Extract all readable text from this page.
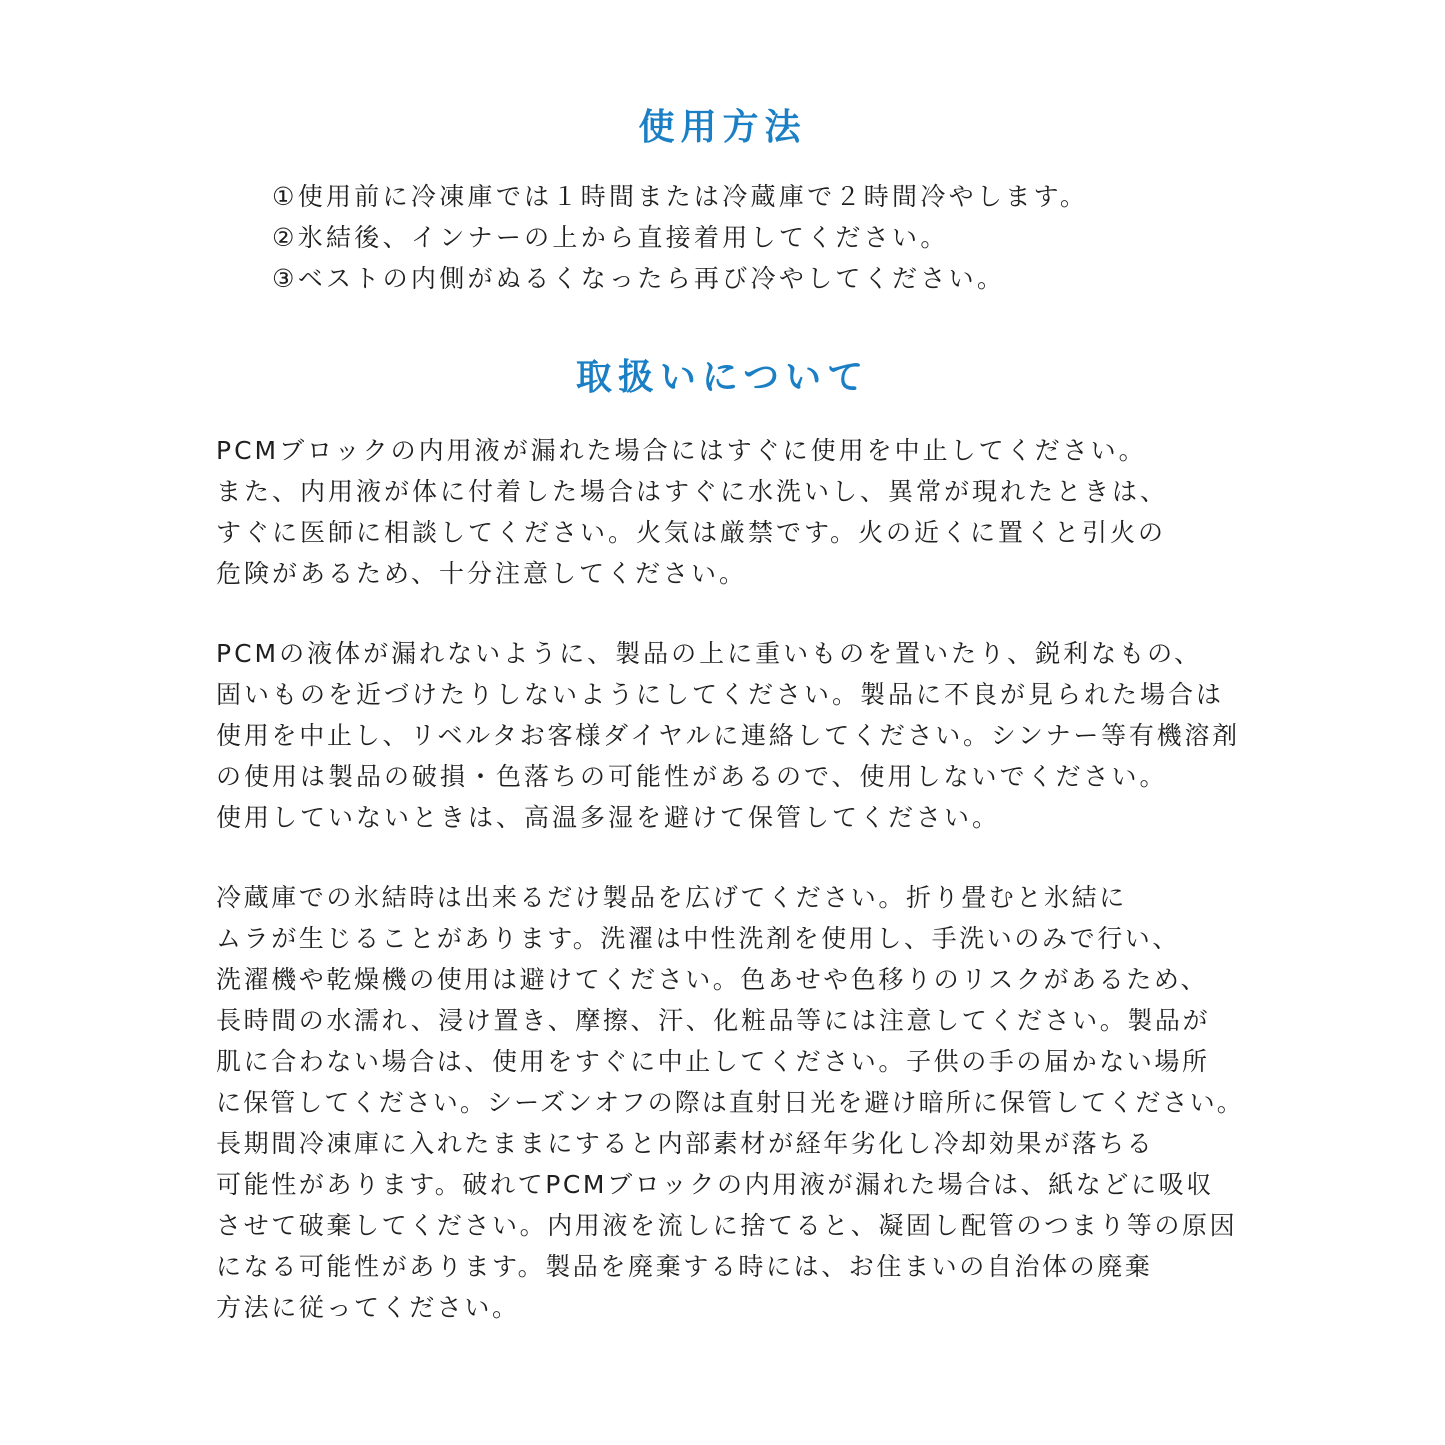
使用方法
①使用前に冷凍庫では１時間または冷蔵庫で２時間冷やします。
②氷結後、インナーの上から直接着用してください。
③ベストの内側がぬるくなったら再び冷やしてください。
取扱いについて
PCMブロックの内用液が漏れた場合にはすぐに使用を中止してください。
また、内用液が体に付着した場合はすぐに水洗いし、異常が現れたときは、
すぐに医師に相談してください。火気は厳禁です。火の近くに置くと引火の
危険があるため、十分注意してください。
PCMの液体が漏れないように、製品の上に重いものを置いたり、鋭利なもの、
固いものを近づけたりしないようにしてください。製品に不良が見られた場合は
使用を中止し、リベルタお客様ダイヤルに連絡してください。シンナー等有機溶剤
の使用は製品の破損・色落ちの可能性があるので、使用しないでください。
使用していないときは、高温多湿を避けて保管してください。
冷蔵庫での氷結時は出来るだけ製品を広げてください。折り畳むと氷結に
ムラが生じることがあります。洗濯は中性洗剤を使用し、手洗いのみで行い、
洗濯機や乾燥機の使用は避けてください。色あせや色移りのリスクがあるため、
長時間の水濡れ、浸け置き、摩擦、汗、化粧品等には注意してください。製品が
肌に合わない場合は、使用をすぐに中止してください。子供の手の届かない場所
に保管してください。シーズンオフの際は直射日光を避け暗所に保管してください。
長期間冷凍庫に入れたままにすると内部素材が経年劣化し冷却効果が落ちる
可能性があります。破れてPCMブロックの内用液が漏れた場合は、紙などに吸収
させて破棄してください。内用液を流しに捨てると、凝固し配管のつまり等の原因
になる可能性があります。製品を廃棄する時には、お住まいの自治体の廃棄
方法に従ってください。
